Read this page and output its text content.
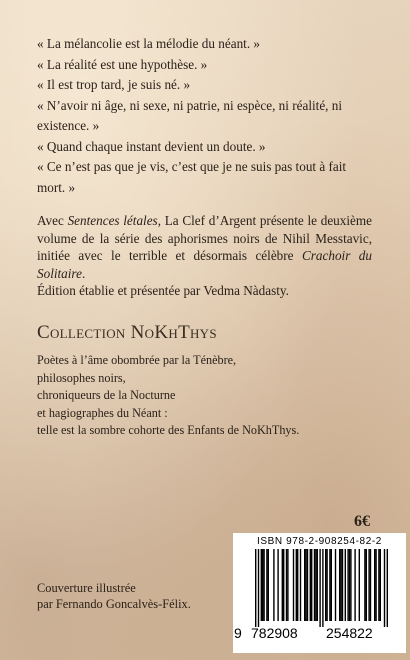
« La mélancolie est la mélodie du néant. »
« La réalité est une hypothèse. »
« Il est trop tard, je suis né. »
« N’avoir ni âge, ni sexe, ni patrie, ni espèce, ni réalité, ni existence. »
« Quand chaque instant devient un doute. »
« Ce n’est pas que je vis, c’est que je ne suis pas tout à fait mort. »
Avec Sentences létales, La Clef d’Argent présente le deuxième volume de la série des aphorismes noirs de Nihil Messtavic, initiée avec le terrible et désormais célèbre Crachoir du Solitaire.
Édition établie et présentée par Vedma Nàdasty.
Collection NoKhThys
Poètes à l’âme obombrée par la Ténèbre,
philosophes noirs,
chroniqueurs de la Nocturne
et hagiographes du Néant :
telle est la sombre cohorte des Enfants de NoKhThys.
6€
ISBN 978-2-908254-82-2
9 782908 254822
Couverture illustrée
par Fernando Goncalvès-Félix.
